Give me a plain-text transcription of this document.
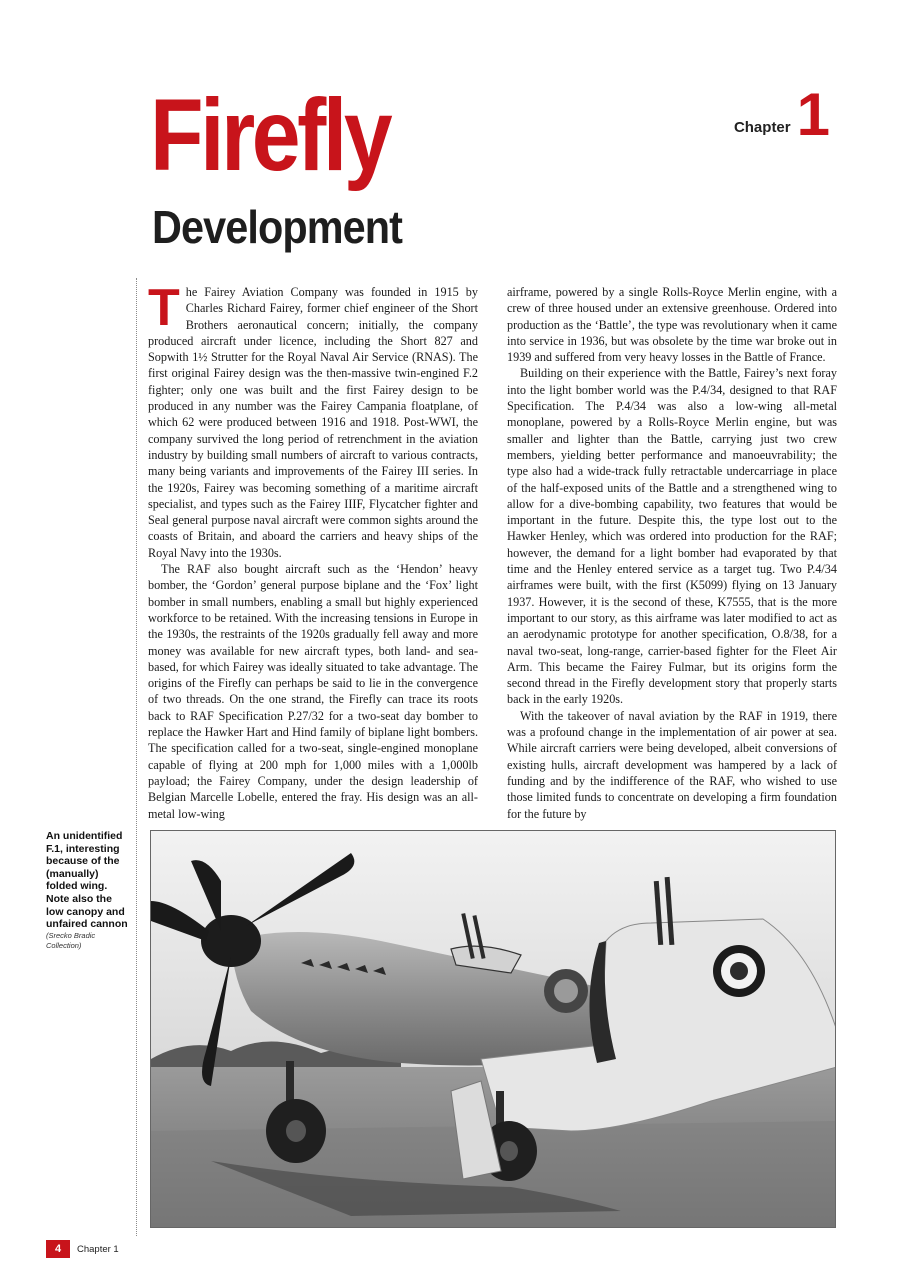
Firefly
Development
Chapter 1

The Fairey Aviation Company was founded in 1915 by Charles Richard Fairey, former chief engineer of the Short Brothers aeronautical concern; initially, the company produced aircraft under licence, including the Short 827 and Sopwith 1½ Strutter for the Royal Naval Air Service (RNAS). The first original Fairey design was the then-massive twin-engined F.2 fighter; only one was built and the first Fairey design to be produced in any number was the Fairey Campania floatplane, of which 62 were produced between 1916 and 1918. Post-WWI, the company survived the long period of retrenchment in the aviation industry by building small numbers of aircraft to various contracts, many being variants and improvements of the Fairey III series. In the 1920s, Fairey was becoming something of a maritime aircraft specialist, and types such as the Fairey IIIF, Flycatcher fighter and Seal general purpose naval aircraft were common sights around the coasts of Britain, and aboard the carriers and heavy ships of the Royal Navy into the 1930s.

The RAF also bought aircraft such as the ‘Hendon’ heavy bomber, the ‘Gordon’ general purpose biplane and the ‘Fox’ light bomber in small numbers, enabling a small but highly experienced workforce to be retained. With the increasing tensions in Europe in the 1930s, the restraints of the 1920s gradually fell away and more money was available for new aircraft types, both land- and sea-based, for which Fairey was ideally situated to take advantage. The origins of the Firefly can perhaps be said to lie in the convergence of two threads. On the one strand, the Firefly can trace its roots back to RAF Specification P.27/32 for a two-seat day bomber to replace the Hawker Hart and Hind family of biplane light bombers. The specification called for a two-seat, single-engined monoplane capable of flying at 200 mph for 1,000 miles with a 1,000lb payload; the Fairey Company, under the design leadership of Belgian Marcelle Lobelle, entered the fray. His design was an all-metal low-wing

airframe, powered by a single Rolls-Royce Merlin engine, with a crew of three housed under an extensive greenhouse. Ordered into production as the ‘Battle’, the type was revolutionary when it came into service in 1936, but was obsolete by the time war broke out in 1939 and suffered from very heavy losses in the Battle of France.

Building on their experience with the Battle, Fairey’s next foray into the light bomber world was the P.4/34, designed to that RAF Specification. The P.4/34 was also a low-wing all-metal monoplane, powered by a Rolls-Royce Merlin engine, but was smaller and lighter than the Battle, carrying just two crew members, yielding better performance and manoeuvrability; the type also had a wide-track fully retractable undercarriage in place of the half-exposed units of the Battle and a strengthened wing to allow for a dive-bombing capability, two features that would be important in the future. Despite this, the type lost out to the Hawker Henley, which was ordered into production for the RAF; however, the demand for a light bomber had evaporated by that time and the Henley entered service as a target tug. Two P.4/34 airframes were built, with the first (K5099) flying on 13 January 1937. However, it is the second of these, K7555, that is the more important to our story, as this airframe was later modified to act as an aerodynamic prototype for another specification, O.8/38, for a naval two-seat, long-range, carrier-based fighter for the Fleet Air Arm. This became the Fairey Fulmar, but its origins form the second thread in the Firefly development story that properly starts back in the early 1920s.

With the takeover of naval aviation by the RAF in 1919, there was a profound change in the implementation of air power at sea. While aircraft carriers were being developed, albeit conversions of existing hulls, aircraft development was hampered by a lack of funding and by the indifference of the RAF, who wished to use those limited funds to concentrate on developing a firm foundation for the future by

An unidentified F.1, interesting because of the (manually) folded wing. Note also the low canopy and unfaired cannon
(Srecko Bradic Collection)
4	Chapter 1
